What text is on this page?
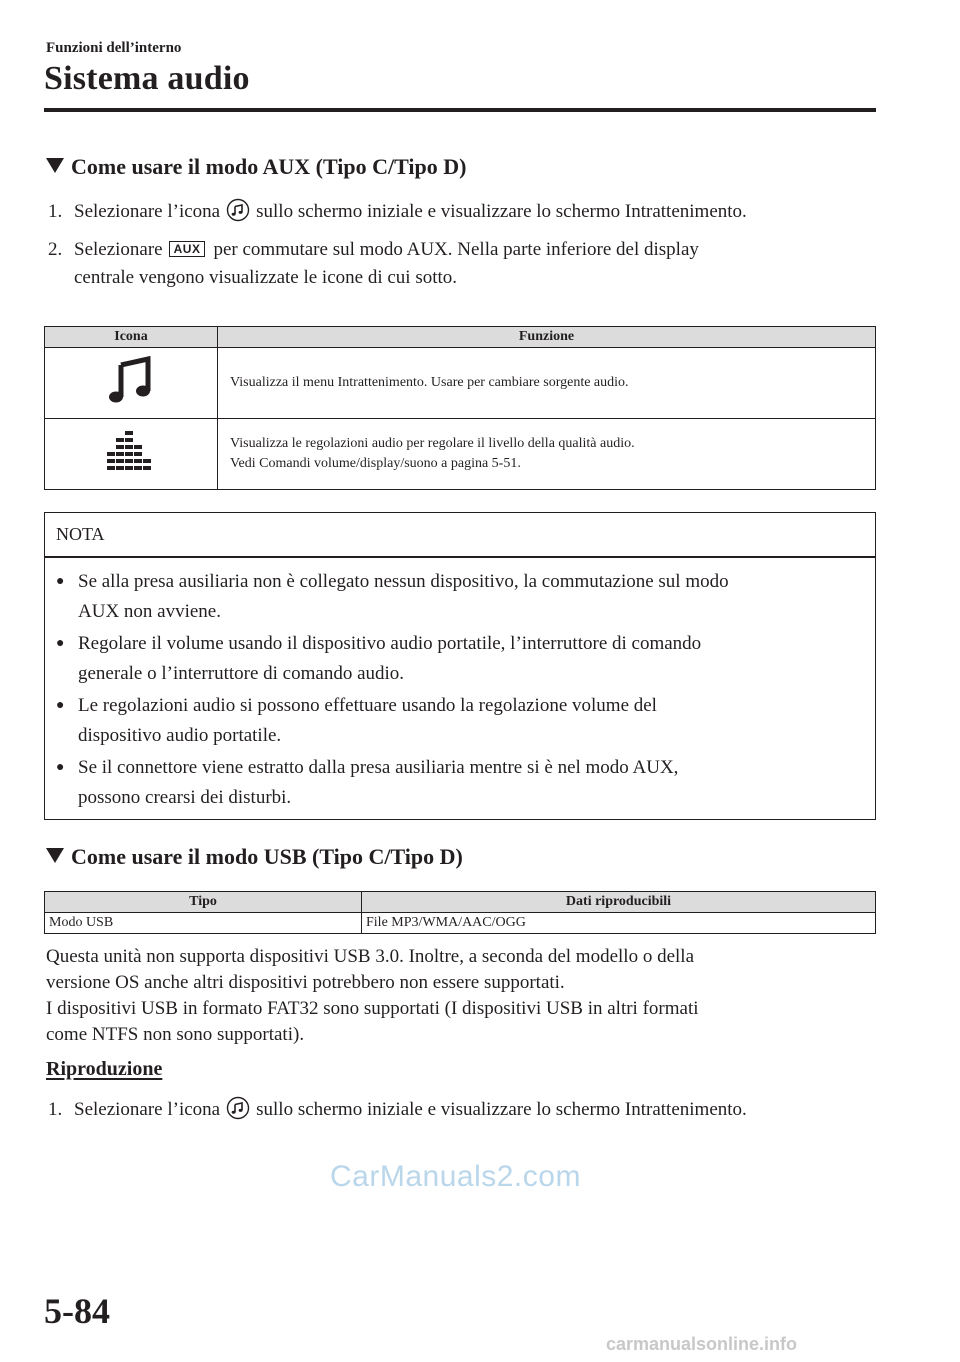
Funzioni dell’interno
Sistema audio
Come usare il modo AUX (Tipo C/Tipo D)
1. Selezionare l’icona sullo schermo iniziale e visualizzare lo schermo Intrattenimento.
2. Selezionare AUX per commutare sul modo AUX. Nella parte inferiore del display
centrale vengono visualizzate le icone di cui sotto.
Icona	Funzione
	Visualizza il menu Intrattenimento. Usare per cambiare sorgente audio.

Visualizza le regolazioni audio per regolare il livello della qualità audio.
Vedi Comandi volume/display/suono a pagina 5-51.
NOTA
● Se alla presa ausiliaria non è collegato nessun dispositivo, la commutazione sul modo
AUX non avviene.
● Regolare il volume usando il dispositivo audio portatile, l’interruttore di comando
generale o l’interruttore di comando audio.
● Le regolazioni audio si possono effettuare usando la regolazione volume del
dispositivo audio portatile.
● Se il connettore viene estratto dalla presa ausiliaria mentre si è nel modo AUX,
possono crearsi dei disturbi.
Come usare il modo USB (Tipo C/Tipo D)
Tipo	Dati riproducibili
Modo USB	File MP3/WMA/AAC/OGG
Questa unità non supporta dispositivi USB 3.0. Inoltre, a seconda del modello o della
versione OS anche altri dispositivi potrebbero non essere supportati.
I dispositivi USB in formato FAT32 sono supportati (I dispositivi USB in altri formati
come NTFS non sono supportati).
Riproduzione
1. Selezionare l’icona sullo schermo iniziale e visualizzare lo schermo Intrattenimento.
CarManuals2.com
5-84
carmanualsonline.info
